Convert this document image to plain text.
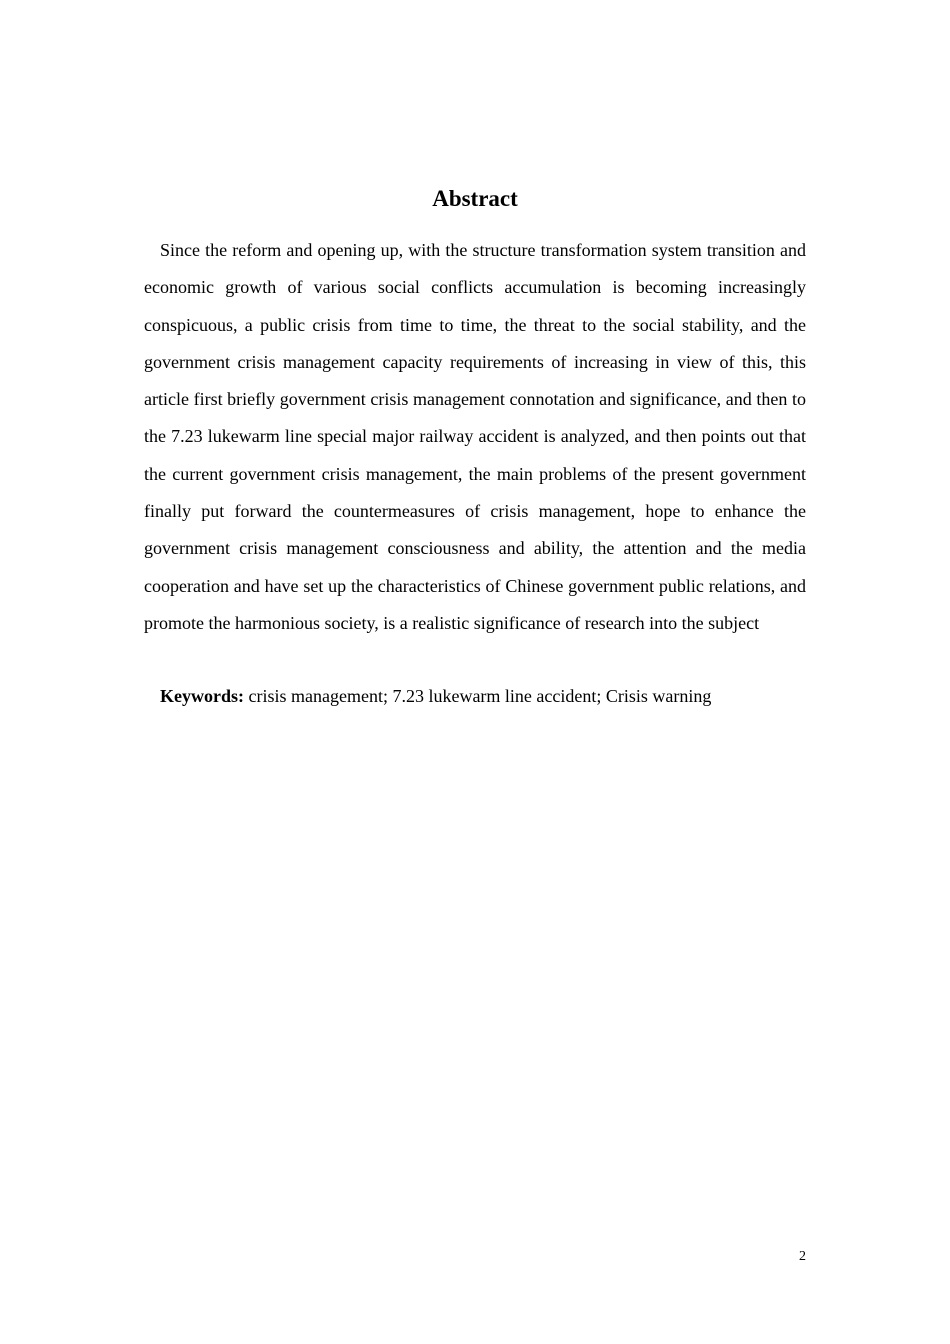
Abstract

Since the reform and opening up, with the structure transformation system transition and economic growth of various social conflicts accumulation is becoming increasingly conspicuous, a public crisis from time to time, the threat to the social stability, and the government crisis management capacity requirements of increasing in view of this, this article first briefly government crisis management connotation and significance, and then to the 7.23 lukewarm line special major railway accident is analyzed, and then points out that the current government crisis management, the main problems of the present government finally put forward the countermeasures of crisis management, hope to enhance the government crisis management consciousness and ability, the attention and the media cooperation and have set up the characteristics of Chinese government public relations, and promote the harmonious society, is a realistic significance of research into the subject

Keywords: crisis management; 7.23 lukewarm line accident; Crisis warning

2
